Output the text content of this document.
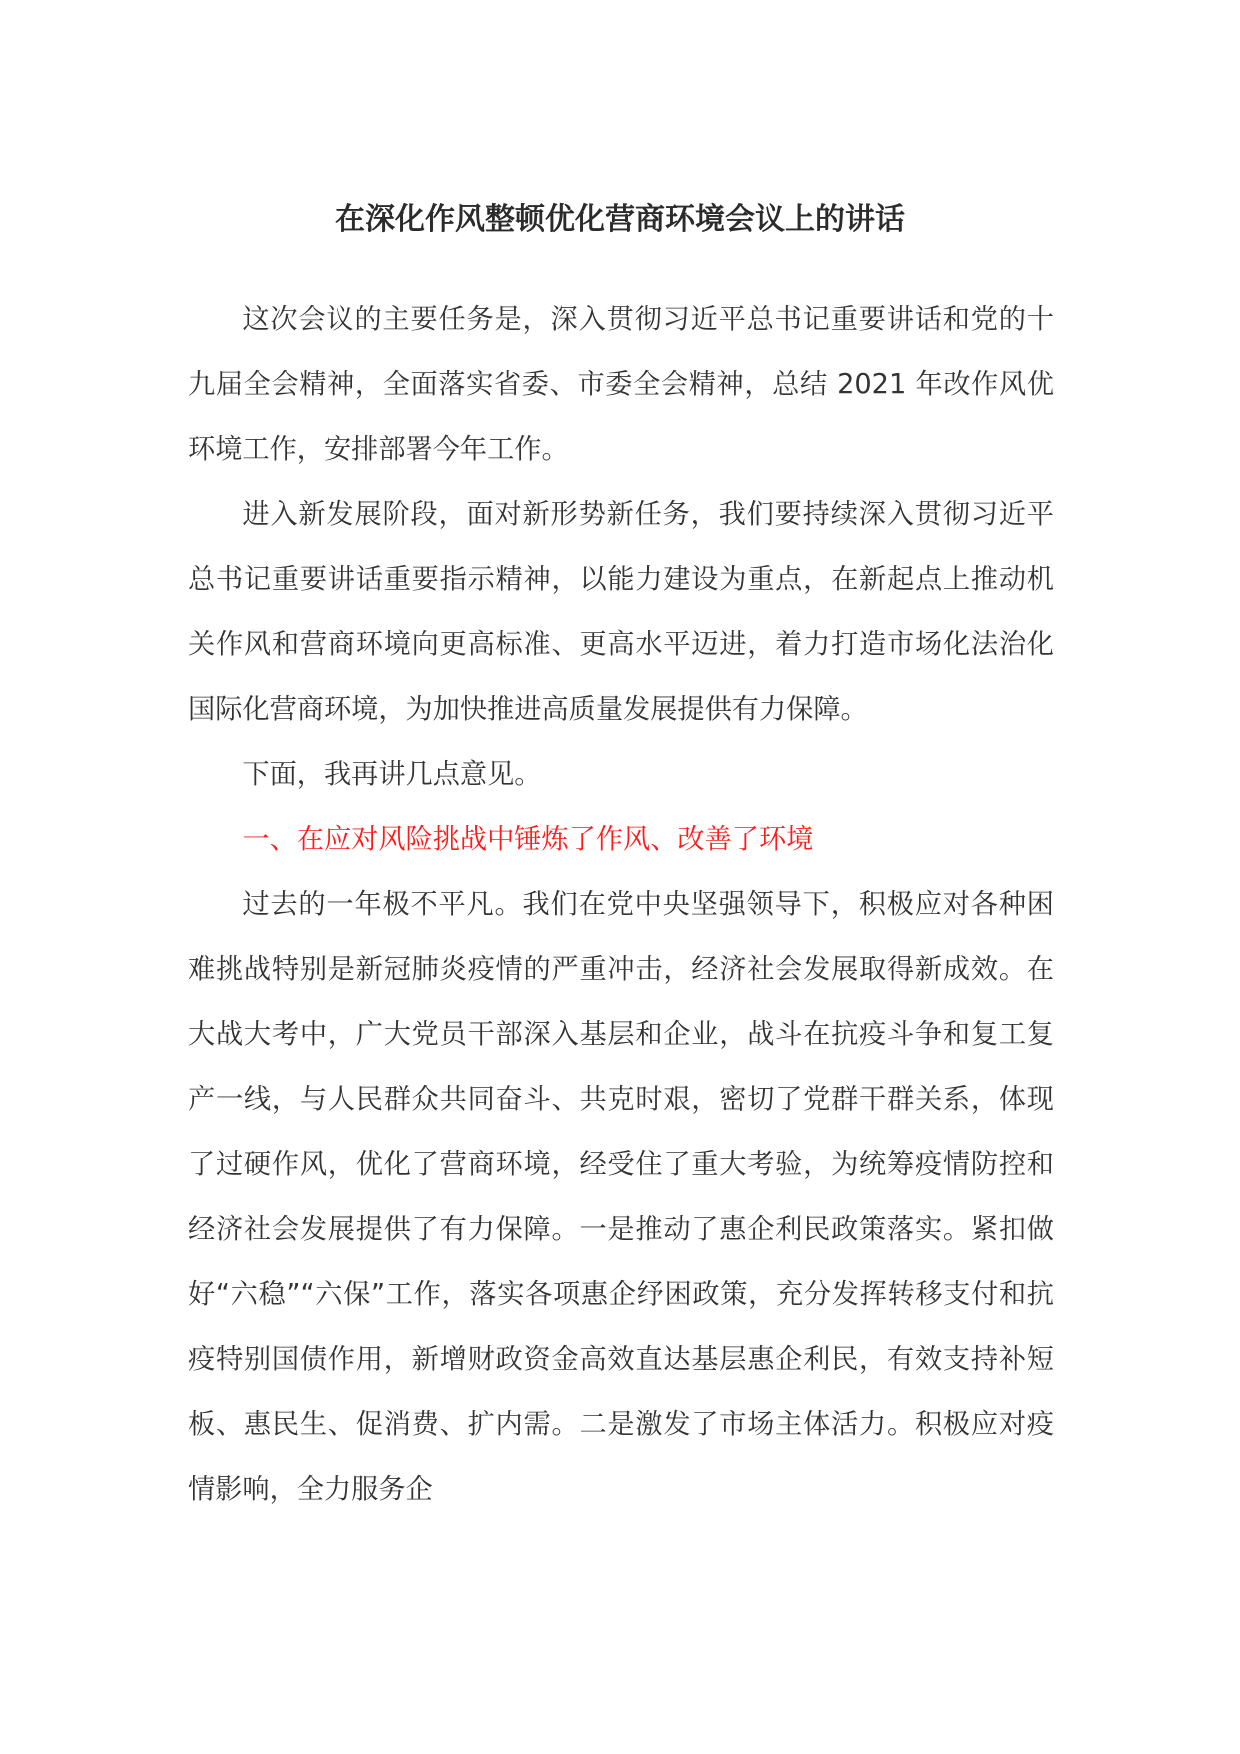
在深化作风整顿优化营商环境会议上的讲话

这次会议的主要任务是，深入贯彻习近平总书记重要讲话和党的十九届全会精神，全面落实省委、市委全会精神，总结 2021 年改作风优环境工作，安排部署今年工作。

进入新发展阶段，面对新形势新任务，我们要持续深入贯彻习近平总书记重要讲话重要指示精神，以能力建设为重点，在新起点上推动机关作风和营商环境向更高标准、更高水平迈进，着力打造市场化法治化国际化营商环境，为加快推进高质量发展提供有力保障。

下面，我再讲几点意见。

一、在应对风险挑战中锤炼了作风、改善了环境

过去的一年极不平凡。我们在党中央坚强领导下，积极应对各种困难挑战特别是新冠肺炎疫情的严重冲击，经济社会发展取得新成效。在大战大考中，广大党员干部深入基层和企业，战斗在抗疫斗争和复工复产一线，与人民群众共同奋斗、共克时艰，密切了党群干群关系，体现了过硬作风，优化了营商环境，经受住了重大考验，为统筹疫情防控和经济社会发展提供了有力保障。一是推动了惠企利民政策落实。紧扣做好“六稳”“六保”工作，落实各项惠企纾困政策，充分发挥转移支付和抗疫特别国债作用，新增财政资金高效直达基层惠企利民，有效支持补短板、惠民生、促消费、扩内需。二是激发了市场主体活力。积极应对疫情影响，全力服务企
